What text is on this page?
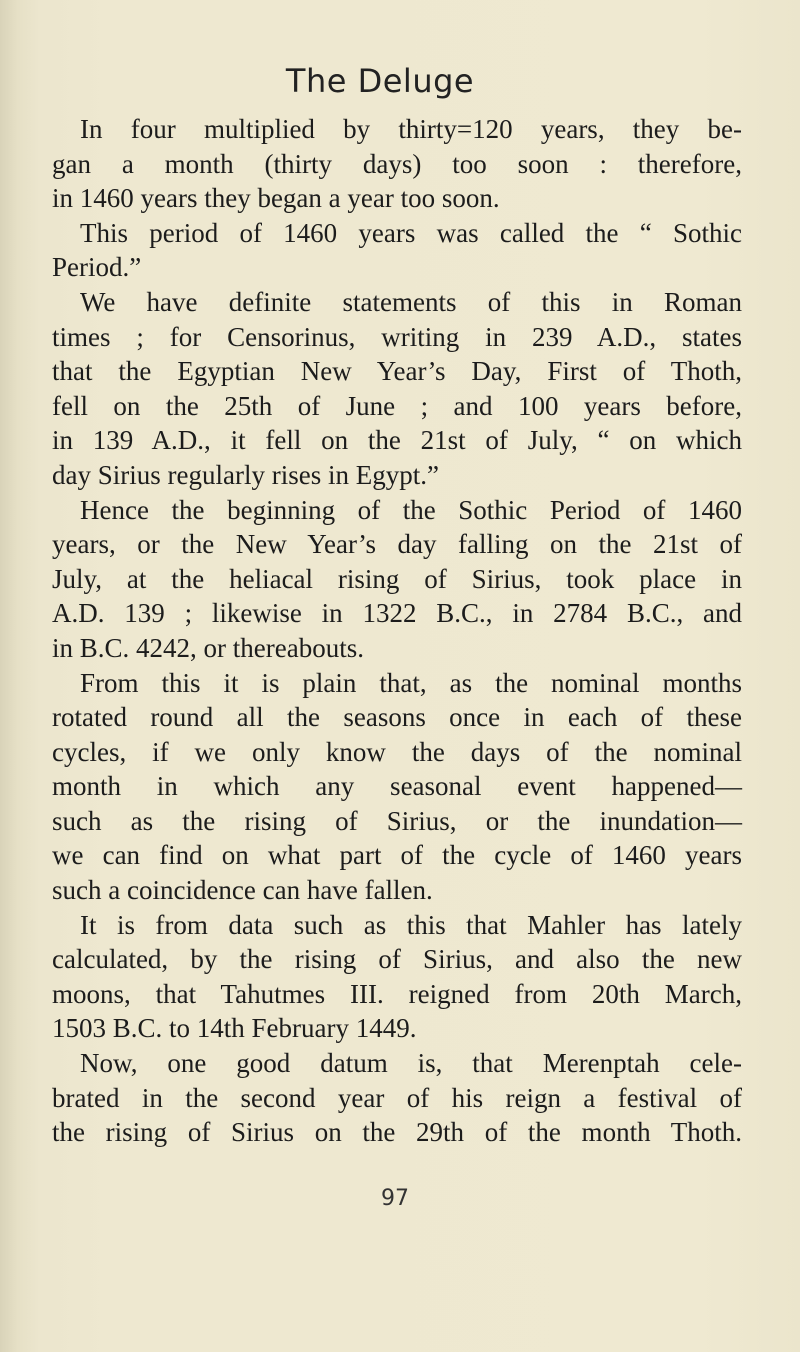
The Deluge
In four multiplied by thirty=120 years, they be-
gan a month (thirty days) too soon : therefore,
in 1460 years they began a year too soon.
This period of 1460 years was called the “ Sothic
Period.”
We have definite statements of this in Roman
times ; for Censorinus, writing in 239 A.D., states
that the Egyptian New Year’s Day, First of Thoth,
fell on the 25th of June ; and 100 years before,
in 139 A.D., it fell on the 21st of July, “ on which
day Sirius regularly rises in Egypt.”
Hence the beginning of the Sothic Period of 1460
years, or the New Year’s day falling on the 21st of
July, at the heliacal rising of Sirius, took place in
A.D. 139 ; likewise in 1322 B.C., in 2784 B.C., and
in B.C. 4242, or thereabouts.
From this it is plain that, as the nominal months
rotated round all the seasons once in each of these
cycles, if we only know the days of the nominal
month in which any seasonal event happened—
such as the rising of Sirius, or the inundation—
we can find on what part of the cycle of 1460 years
such a coincidence can have fallen.
It is from data such as this that Mahler has lately
calculated, by the rising of Sirius, and also the new
moons, that Tahutmes III. reigned from 20th March,
1503 B.C. to 14th February 1449.
Now, one good datum is, that Merenptah cele-
brated in the second year of his reign a festival of
the rising of Sirius on the 29th of the month Thoth.
97
